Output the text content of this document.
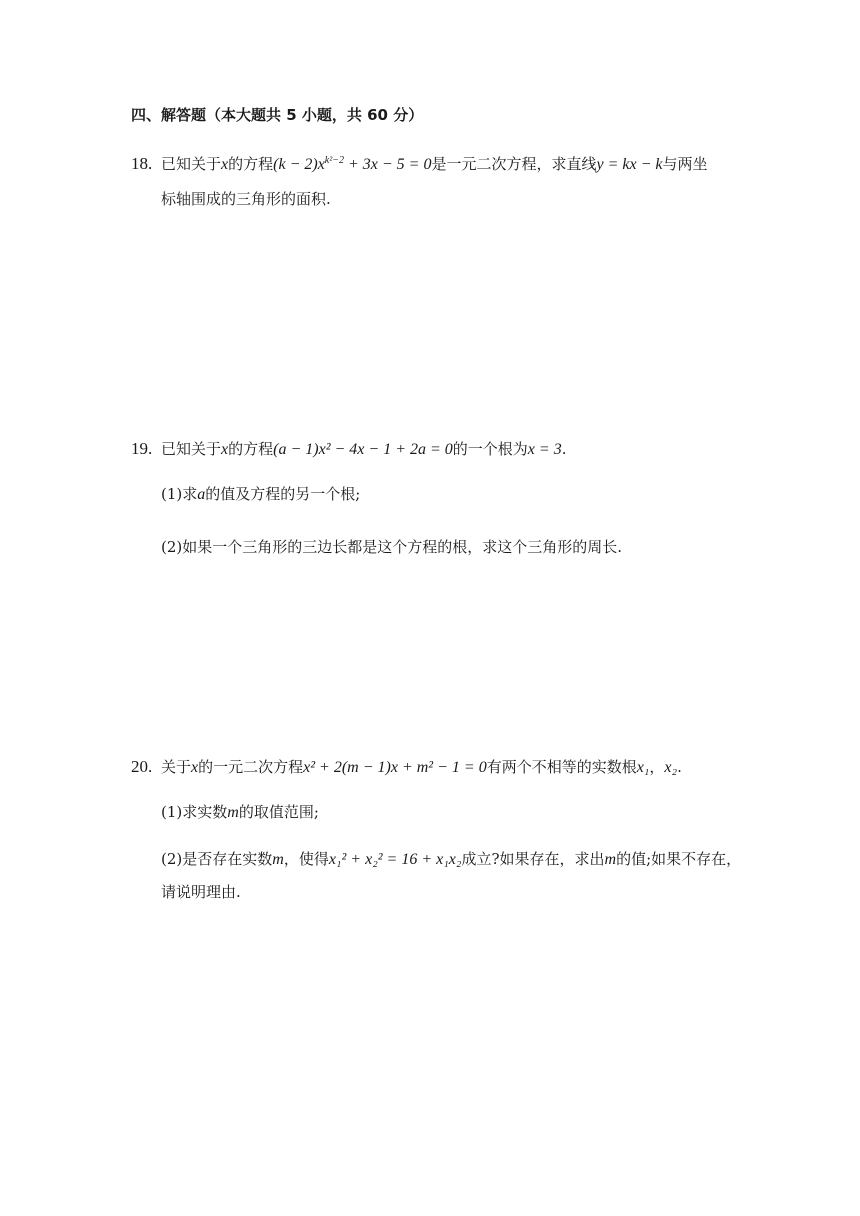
四、解答题（本大题共 5 小题，共 60 分）
18. 已知关于x的方程$(k - 2)x^{k^2-2} + 3x - 5 = 0$是一元二次方程，求直线y = kx − k与两坐
标轴围成的三角形的面积.
19. 已知关于x的方程(a − 1)x² − 4x − 1 + 2a = 0的一个根为x = 3.
(1)求a的值及方程的另一个根;
(2)如果一个三角形的三边长都是这个方程的根，求这个三角形的周长.
20. 关于x的一元二次方程x² + 2(m − 1)x + m² − 1 = 0有两个不相等的实数根x₁，x₂.
(1)求实数m的取值范围;
(2)是否存在实数m，使得x₁² + x₂² = 16 + x₁x₂成立?如果存在，求出m的值;如果不存在，
请说明理由.
